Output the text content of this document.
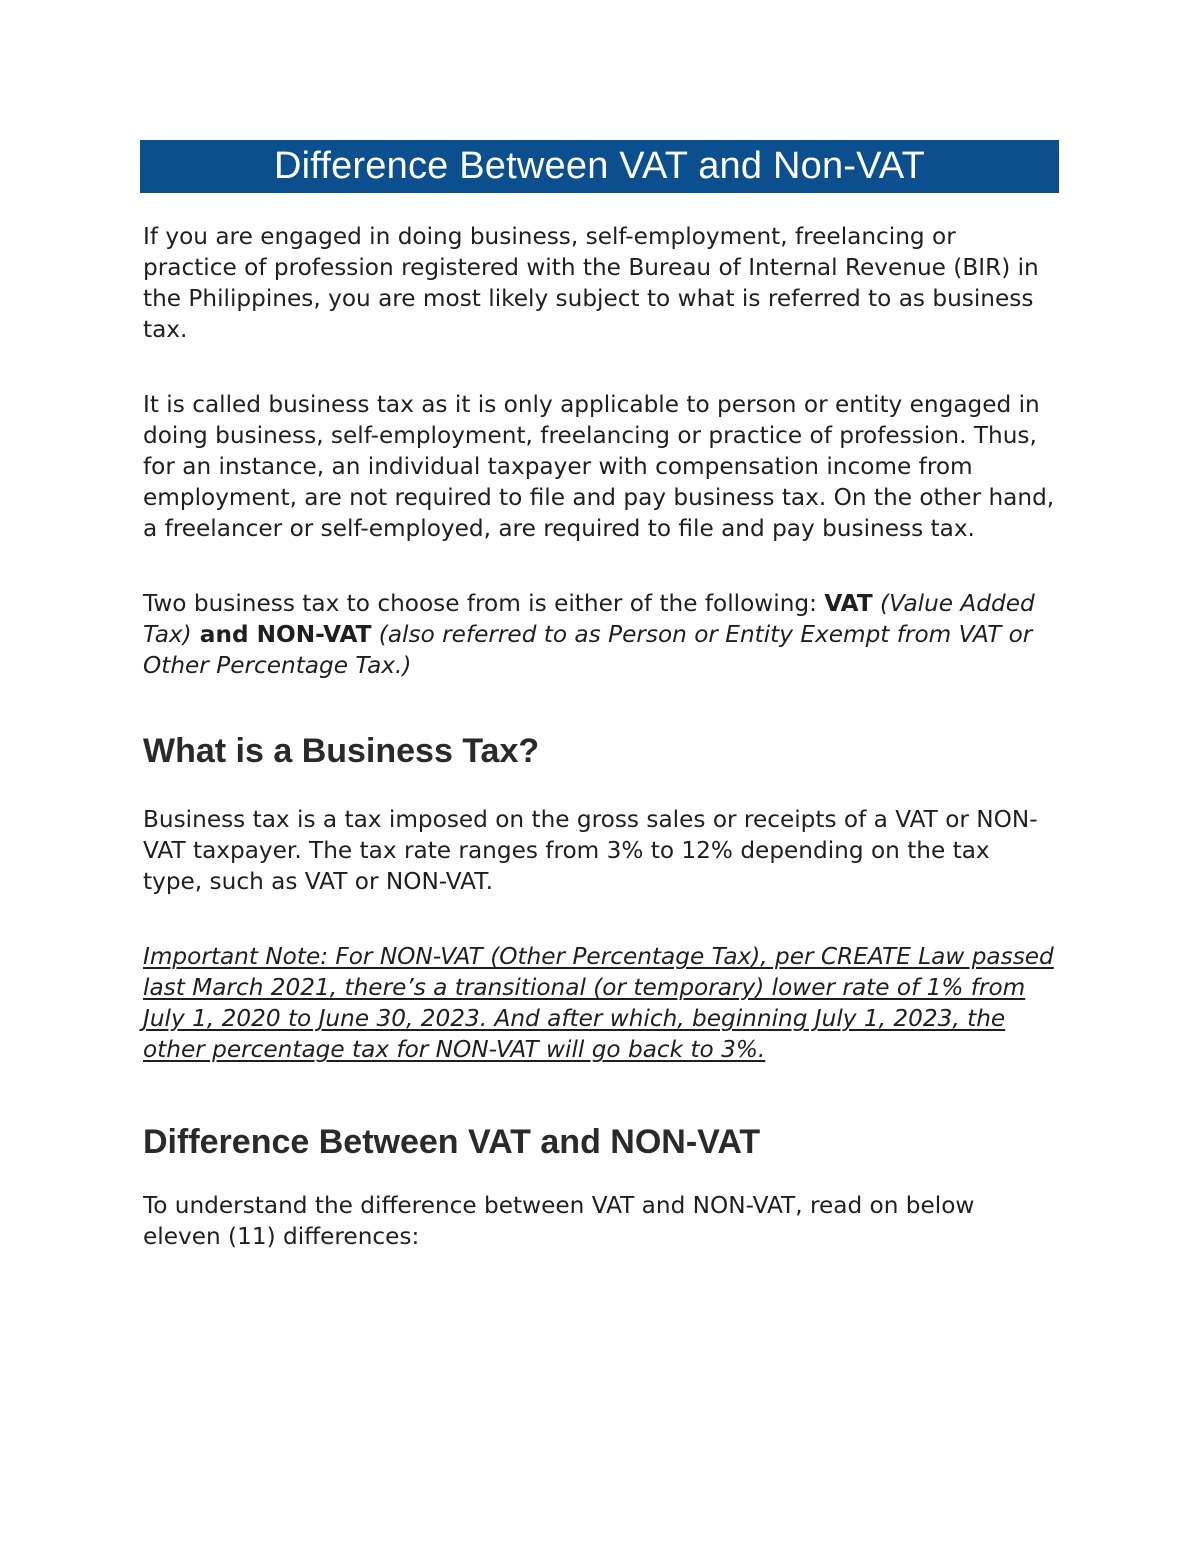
Difference Between VAT and Non-VAT

If you are engaged in doing business, self-employment, freelancing or practice of profession registered with the Bureau of Internal Revenue (BIR) in the Philippines, you are most likely subject to what is referred to as business tax.

It is called business tax as it is only applicable to person or entity engaged in doing business, self-employment, freelancing or practice of profession. Thus, for an instance, an individual taxpayer with compensation income from employment, are not required to file and pay business tax. On the other hand, a freelancer or self-employed, are required to file and pay business tax.

Two business tax to choose from is either of the following: VAT (Value Added Tax) and NON-VAT (also referred to as Person or Entity Exempt from VAT or Other Percentage Tax.)

What is a Business Tax?

Business tax is a tax imposed on the gross sales or receipts of a VAT or NON-VAT taxpayer. The tax rate ranges from 3% to 12% depending on the tax type, such as VAT or NON-VAT.

Important Note: For NON-VAT (Other Percentage Tax), per CREATE Law passed last March 2021, there’s a transitional (or temporary) lower rate of 1% from July 1, 2020 to June 30, 2023. And after which, beginning July 1, 2023, the other percentage tax for NON-VAT will go back to 3%.

Difference Between VAT and NON-VAT

To understand the difference between VAT and NON-VAT, read on below eleven (11) differences:
